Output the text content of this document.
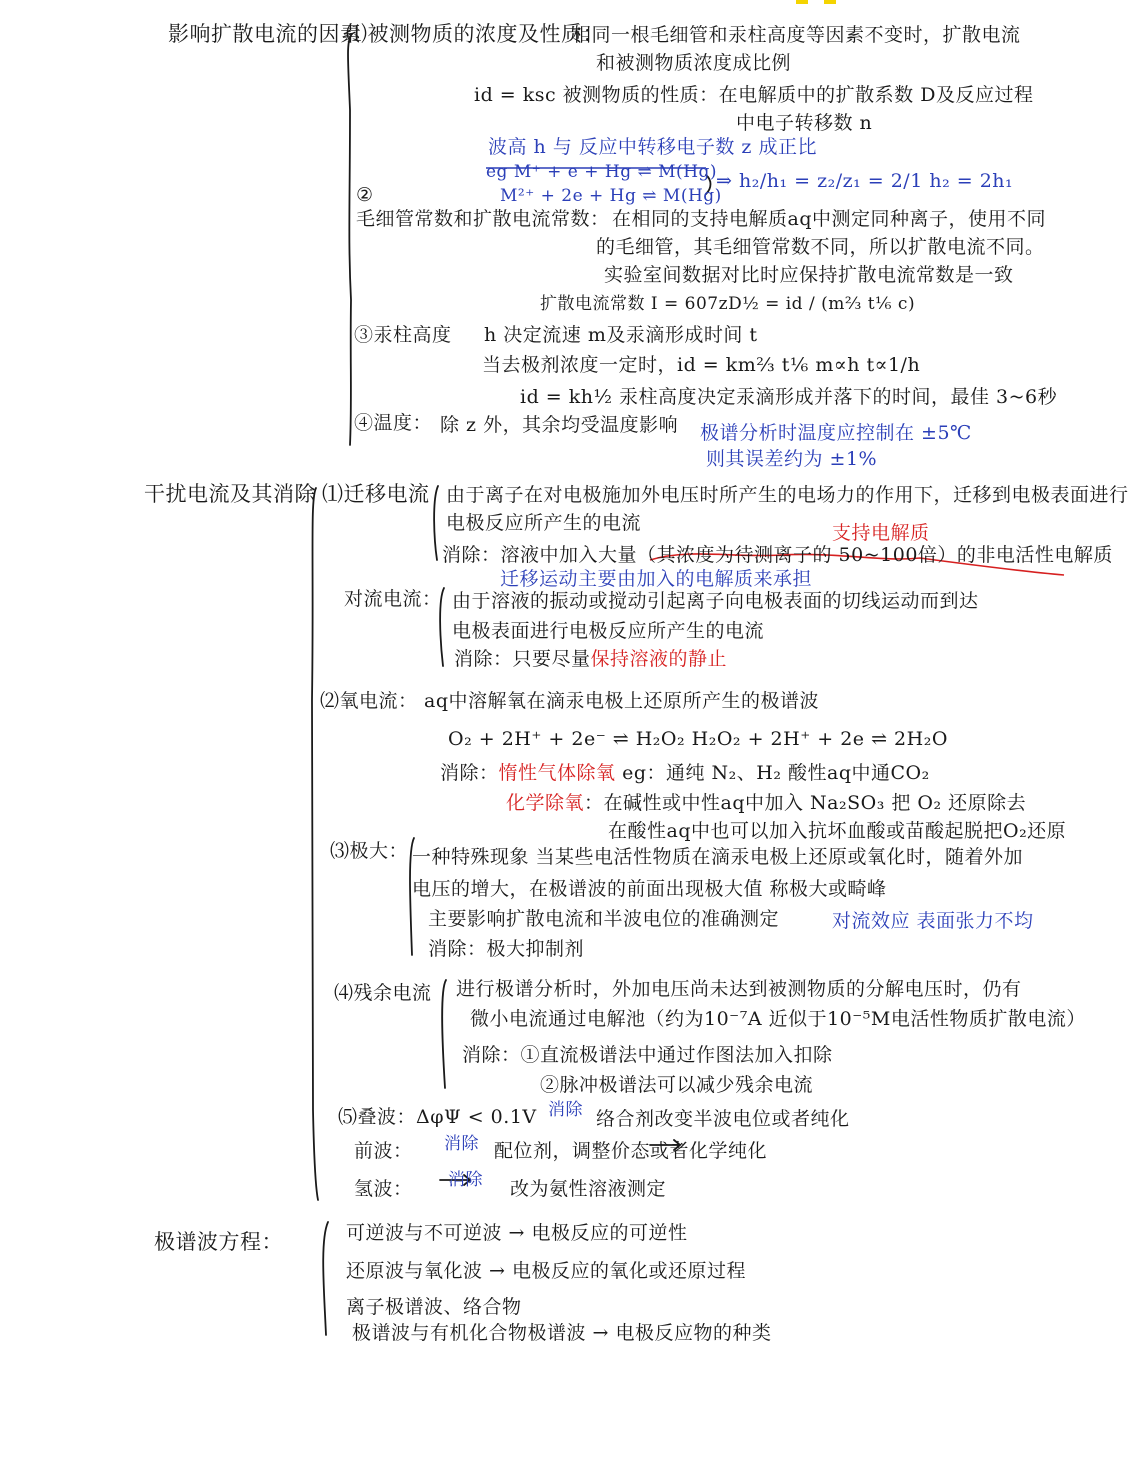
影响扩散电流的因素
⑴被测物质的浓度及性质：
相同一根毛细管和汞柱高度等因素不变时，扩散电流
和被测物质浓度成比例
id = ksc 被测物质的性质：在电解质中的扩散系数 D及反应过程
中电子转移数 n
波高 h 与 反应中转移电子数 z 成正比
eg M⁺ + e + Hg ⇌ M(Hg)
M²⁺ + 2e + Hg ⇌ M(Hg)
⇒ h₂/h₁ = z₂/z₁ = 2/1 h₂ = 2h₁
②
毛细管常数和扩散电流常数： 在相同的支持电解质aq中测定同种离子，使用不同
的毛细管，其毛细管常数不同，所以扩散电流不同。
实验室间数据对比时应保持扩散电流常数是一致
扩散电流常数 I = 607zD½ = id / (m⅔ t⅙ c)
③汞柱高度 h 决定流速 m及汞滴形成时间 t
当去极剂浓度一定时，id = km⅔ t⅙ m∝h t∝1/h
id = kh½ 汞柱高度决定汞滴形成并落下的时间，最佳 3~6秒
④温度： 除 z 外，其余均受温度影响 极谱分析时温度应控制在 ±5℃
则其误差约为 ±1%
干扰电流及其消除 ⑴迁移电流 由于离子在对电极施加外电压时所产生的电场力的作用下，迁移到电极表面进行
电极反应所产生的电流	支持电解质
消除：溶液中加入大量（其浓度为待测离子的 50~100倍）的非电活性电解质
迁移运动主要由加入的电解质来承担
对流电流： 由于溶液的振动或搅动引起离子向电极表面的切线运动而到达
电极表面进行电极反应所产生的电流
消除：只要尽量保持溶液的静止
⑵氧电流： aq中溶解氧在滴汞电极上还原所产生的极谱波
O₂ + 2H⁺ + 2e⁻ ⇌ H₂O₂ H₂O₂ + 2H⁺ + 2e ⇌ 2H₂O
消除：惰性气体除氧 eg：通纯 N₂、H₂ 酸性aq中通CO₂
化学除氧：在碱性或中性aq中加入 Na₂SO₃ 把 O₂ 还原除去
在酸性aq中也可以加入抗坏血酸或苗酸起脱把O₂还原
⑶极大： 一种特殊现象 当某些电活性物质在滴汞电极上还原或氧化时，随着外加
电压的增大，在极谱波的前面出现极大值 称极大或畸峰
主要影响扩散电流和半波电位的准确测定	对流效应 表面张力不均
消除：极大抑制剂
⑷残余电流 进行极谱分析时，外加电压尚未达到被测物质的分解电压时，仍有
微小电流通过电解池（约为10⁻⁷A 近似于10⁻⁵M电活性物质扩散电流）
消除：①直流极谱法中通过作图法加入扣除
②脉冲极谱法可以减少残余电流
⑸叠波：ΔφΨ < 0.1V 消除 络合剂改变半波电位或者纯化
前波： 消除 配位剂，调整价态或者化学纯化
氢波： 消除 改为氨性溶液测定
极谱波方程：	可逆波与不可逆波 → 电极反应的可逆性
还原波与氧化波 → 电极反应的氧化或还原过程
离子极谱波、络合物
极谱波与有机化合物极谱波 → 电极反应物的种类
